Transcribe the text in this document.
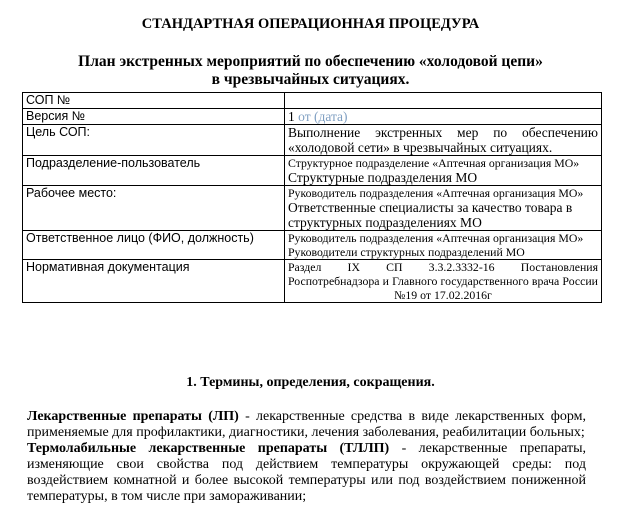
СТАНДАРТНАЯ ОПЕРАЦИОННАЯ ПРОЦЕДУРА
План экстренных мероприятий по обеспечению «холодовой цепи»
в чрезвычайных ситуациях.
СОП №	
Версия №	1 от (дата)
Цель СОП:	Выполнение экстренных мер по обеспечению «холодовой сети» в чрезвычайных ситуациях.
Подразделение-пользователь	Структурное подразделение «Аптечная организация МО»
Структурные подразделения МО

Рабочее место:	Руководитель подразделения «Аптечная организация МО»
Ответственные специалисты за качество товара в структурных подразделениях МО

Ответственное лицо (ФИО, должность)	Руководитель подразделения «Аптечная организация МО»
Руководители структурных подразделений МО

Нормативная документация	Раздел IX СП 3.3.2.3332-16 Постановления Роспотребнадзора и Главного государственного врача России №19 от 17.02.2016г
1. Термины, определения, сокращения.

Лекарственные препараты (ЛП) - лекарственные средства в виде лекарственных форм, применяемые для профилактики, диагностики, лечения заболевания, реабилитации больных;

Термолабильные лекарственные препараты (ТЛЛП) - лекарственные препараты, изменяющие свои свойства под действием температуры окружающей среды: под воздействием комнатной и более высокой температуры или под воздействием пониженной температуры, в том числе при замораживании;
